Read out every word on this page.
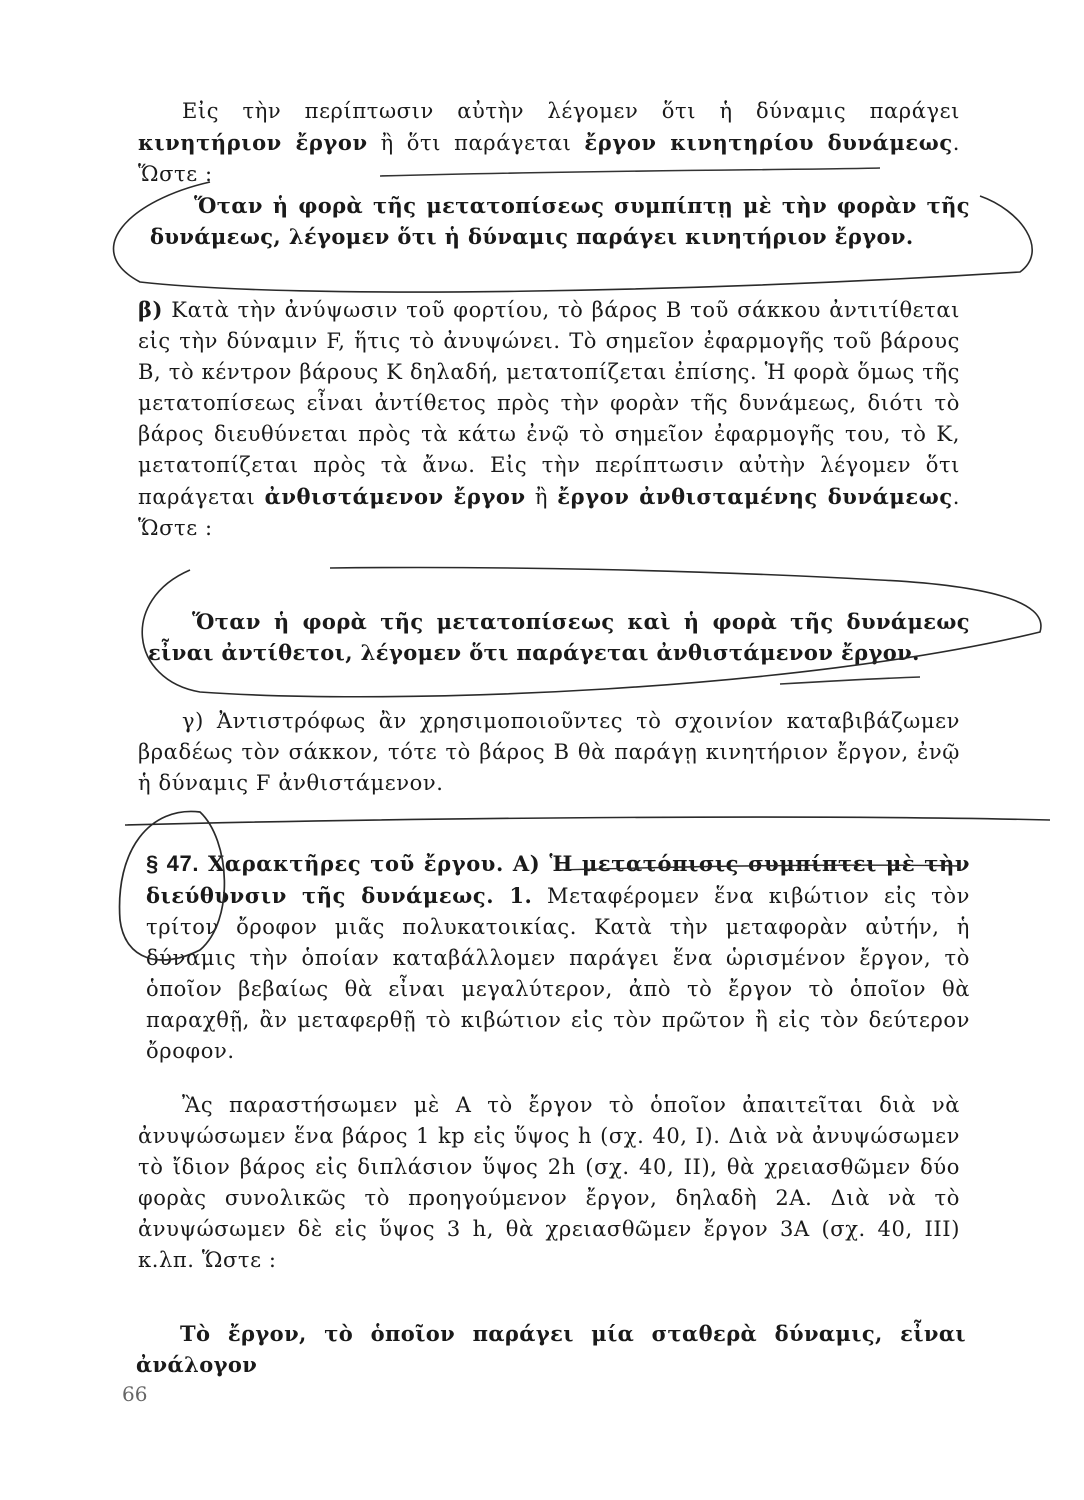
Εἰς τὴν περίπτωσιν αὐτὴν λέγομεν ὅτι ἡ δύναμις παράγει κινητήριον ἔργον ἢ ὅτι παράγεται ἔργον κινητηρίου δυνάμεως. Ὥστε :

Ὅταν ἡ φορὰ τῆς μετατοπίσεως συμπίπτῃ μὲ τὴν φορὰν τῆς δυνάμεως, λέγομεν ὅτι ἡ δύναμις παράγει κινητήριον ἔργον.

β) Κατὰ τὴν ἀνύψωσιν τοῦ φορτίου, τὸ βάρος Β τοῦ σάκκου ἀντιτίθεται εἰς τὴν δύναμιν F, ἥτις τὸ ἀνυψώνει. Τὸ σημεῖον ἐφαρμογῆς τοῦ βάρους Β, τὸ κέντρον βάρους Κ δηλαδή, μετατοπίζεται ἐπίσης. Ἡ φορὰ ὅμως τῆς μετατοπίσεως εἶναι ἀντίθετος πρὸς τὴν φορὰν τῆς δυνάμεως, διότι τὸ βάρος διευθύνεται πρὸς τὰ κάτω ἐνῷ τὸ σημεῖον ἐφαρμογῆς του, τὸ Κ, μετατοπίζεται πρὸς τὰ ἄνω. Εἰς τὴν περίπτωσιν αὐτὴν λέγομεν ὅτι παράγεται ἀνθιστάμενον ἔργον ἢ ἔργον ἀνθισταμένης δυνάμεως. Ὥστε :

Ὅταν ἡ φορὰ τῆς μετατοπίσεως καὶ ἡ φορὰ τῆς δυνάμεως εἶναι ἀντίθετοι, λέγομεν ὅτι παράγεται ἀνθιστάμενον ἔργον.

γ) Ἀντιστρόφως ἂν χρησιμοποιοῦντες τὸ σχοινίον καταβιβάζωμεν βραδέως τὸν σάκκον, τότε τὸ βάρος Β θὰ παράγῃ κινητήριον ἔργον, ἐνῷ ἡ δύναμις F ἀνθιστάμενον.

§ 47. Χαρακτῆρες τοῦ ἔργου. Α) Ἡ μετατόπισις συμπίπτει μὲ τὴν διεύθυνσιν τῆς δυνάμεως. 1. Μεταφέρομεν ἕνα κιβώτιον εἰς τὸν τρίτον ὄροφον μιᾶς πολυκατοικίας. Κατὰ τὴν μεταφορὰν αὐτήν, ἡ δύναμις τὴν ὁποίαν καταβάλλομεν παράγει ἕνα ὡρισμένον ἔργον, τὸ ὁποῖον βεβαίως θὰ εἶναι μεγαλύτερον, ἀπὸ τὸ ἔργον τὸ ὁποῖον θὰ παραχθῇ, ἂν μεταφερθῇ τὸ κιβώτιον εἰς τὸν πρῶτον ἢ εἰς τὸν δεύτερον ὄροφον.

Ἂς παραστήσωμεν μὲ Α τὸ ἔργον τὸ ὁποῖον ἀπαιτεῖται διὰ νὰ ἀνυψώσωμεν ἕνα βάρος 1 kp εἰς ὕψος h (σχ. 40, I). Διὰ νὰ ἀνυψώσωμεν τὸ ἴδιον βάρος εἰς διπλάσιον ὕψος 2h (σχ. 40, II), θὰ χρειασθῶμεν δύο φορὰς συνολικῶς τὸ προηγούμενον ἔργον, δηλαδὴ 2Α. Διὰ νὰ τὸ ἀνυψώσωμεν δὲ εἰς ὕψος 3 h, θὰ χρειασθῶμεν ἔργον 3Α (σχ. 40, III) κ.λπ. Ὥστε :

Τὸ ἔργον, τὸ ὁποῖον παράγει μία σταθερὰ δύναμις, εἶναι ἀνάλογον

66
